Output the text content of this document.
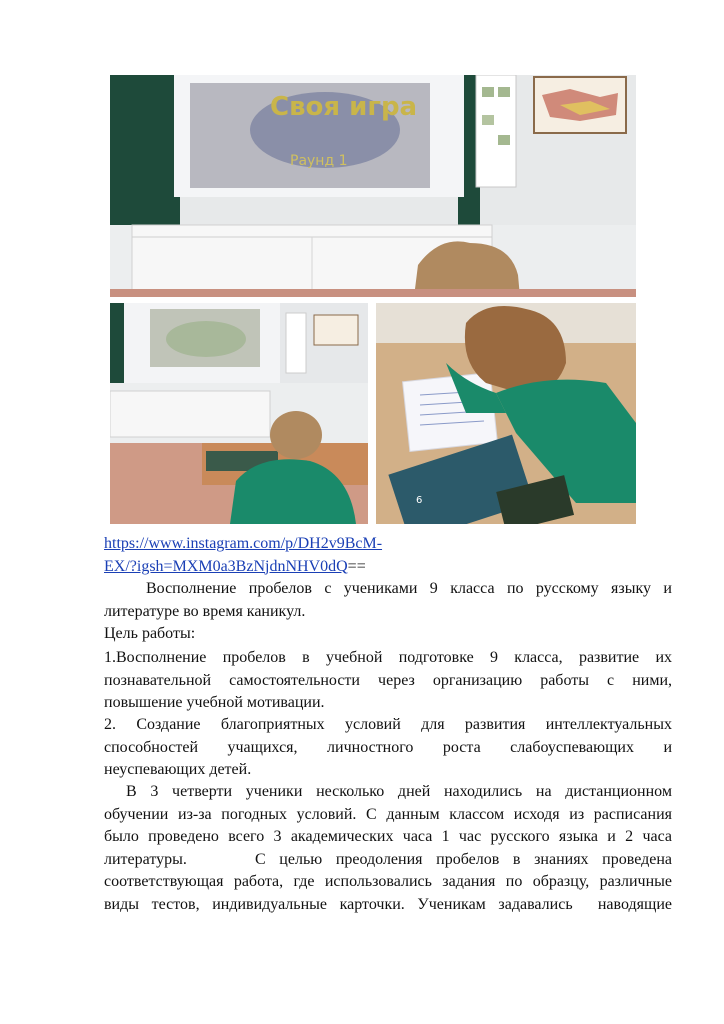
Своя игра
Раунд 1
6
https://www.instagram.com/p/DH2v9BcM-
EX/?igsh=MXM0a3BzNjdnNHV0dQ==
Восполнение пробелов с учениками 9 класса по русскому языку и
литературе во время каникул.
Цель работы:
1.Восполнение пробелов в учебной подготовке 9 класса, развитие их
познавательной самостоятельности через организацию работы с ними,
повышение учебной мотивации.
2. Создание благоприятных условий для развития интеллектуальных
способностей учащихся, личностного роста слабоуспевающих и
неуспевающих детей.
В 3 четверти ученики несколько дней находились на дистанционном
обучении из-за погодных условий. С данным классом исходя из расписания
было проведено всего 3 академических часа 1 час русского языка и 2 часа
литературы.     С целью преодоления пробелов в знаниях проведена
соответствующая работа, где использовались задания по образцу, различные
виды тестов, индивидуальные карточки. Ученикам задавались  наводящие
